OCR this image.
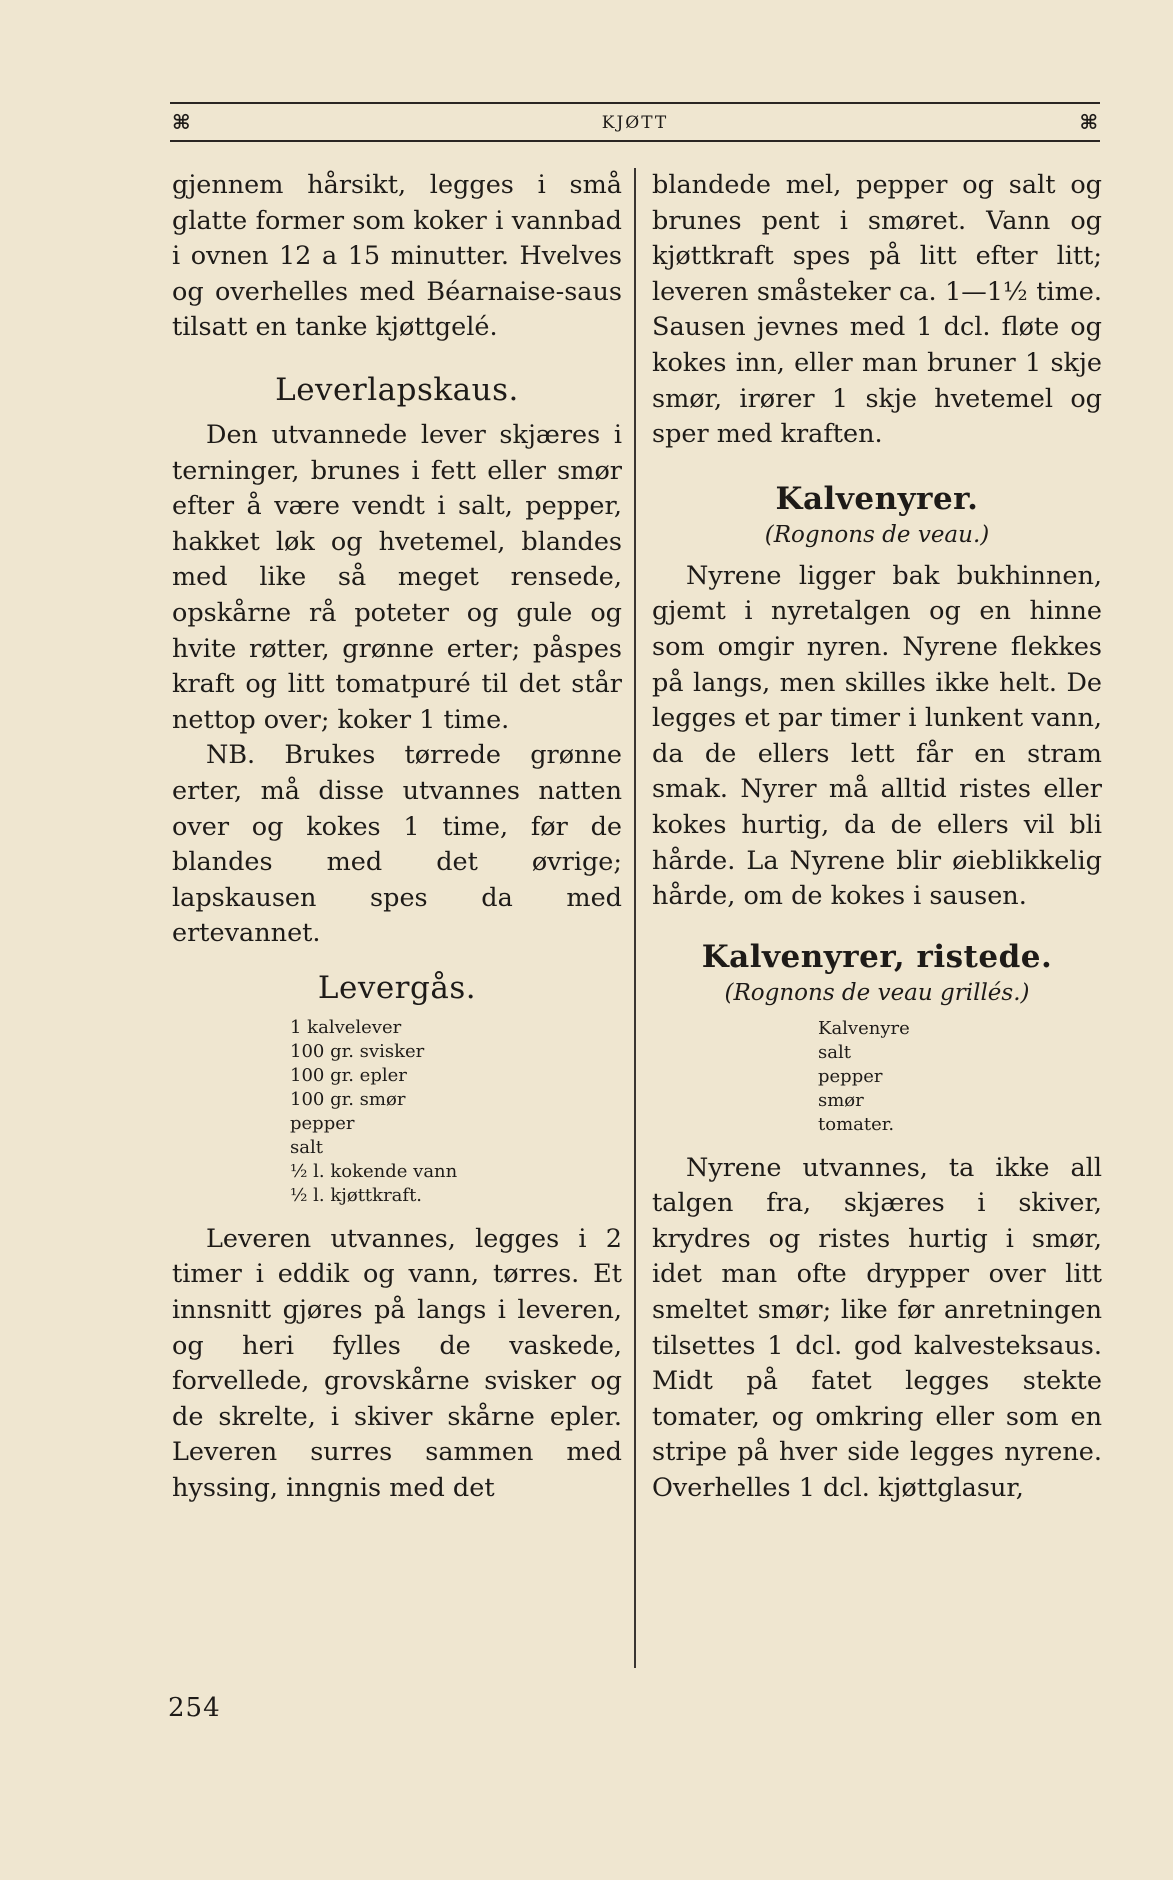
⌘	KJØTT	⌘

gjennem hårsikt, legges i små glatte former som koker i vannbad i ovnen 12 a 15 minutter. Hvelves og overhelles med Béarnaise-saus tilsatt en tanke kjøttgelé.

Leverlapskaus.

Den utvannede lever skjæres i terninger, brunes i fett eller smør efter å være vendt i salt, pepper, hakket løk og hvetemel, blandes med like så meget rensede, opskårne rå poteter og gule og hvite røtter, grønne erter; påspes kraft og litt tomatpuré til det står nettop over; koker 1 time.

NB. Brukes tørrede grønne erter, må disse utvannes natten over og kokes 1 time, før de blandes med det øvrige; lapskausen spes da med ertevannet.

Levergås.
1 kalvelever
100 gr. svisker
100 gr. epler
100 gr. smør
pepper
salt
½ l. kokende vann
½ l. kjøttkraft.

Leveren utvannes, legges i 2 timer i eddik og vann, tørres. Et innsnitt gjøres på langs i leveren, og heri fylles de vaskede, forvellede, grovskårne svisker og de skrelte, i skiver skårne epler. Leveren surres sammen med hyssing, inngnis med det

blandede mel, pepper og salt og brunes pent i smøret. Vann og kjøttkraft spes på litt efter litt; leveren småsteker ca. 1—1½ time. Sausen jevnes med 1 dcl. fløte og kokes inn, eller man bruner 1 skje smør, irører 1 skje hvetemel og sper med kraften.

Kalvenyrer.
(Rognons de veau.)

Nyrene ligger bak bukhinnen, gjemt i nyretalgen og en hinne som omgir nyren. Nyrene flekkes på langs, men skilles ikke helt. De legges et par timer i lunkent vann, da de ellers lett får en stram smak. Nyrer må alltid ristes eller kokes hurtig, da de ellers vil bli hårde. La Nyrene blir øieblikkelig hårde, om de kokes i sausen.

Kalvenyrer, ristede.
(Rognons de veau grillés.)
Kalvenyre
salt
pepper
smør
tomater.

Nyrene utvannes, ta ikke all talgen fra, skjæres i skiver, krydres og ristes hurtig i smør, idet man ofte drypper over litt smeltet smør; like før anretningen tilsettes 1 dcl. god kalvesteksaus. Midt på fatet legges stekte tomater, og omkring eller som en stripe på hver side legges nyrene. Overhelles 1 dcl. kjøttglasur,

254
